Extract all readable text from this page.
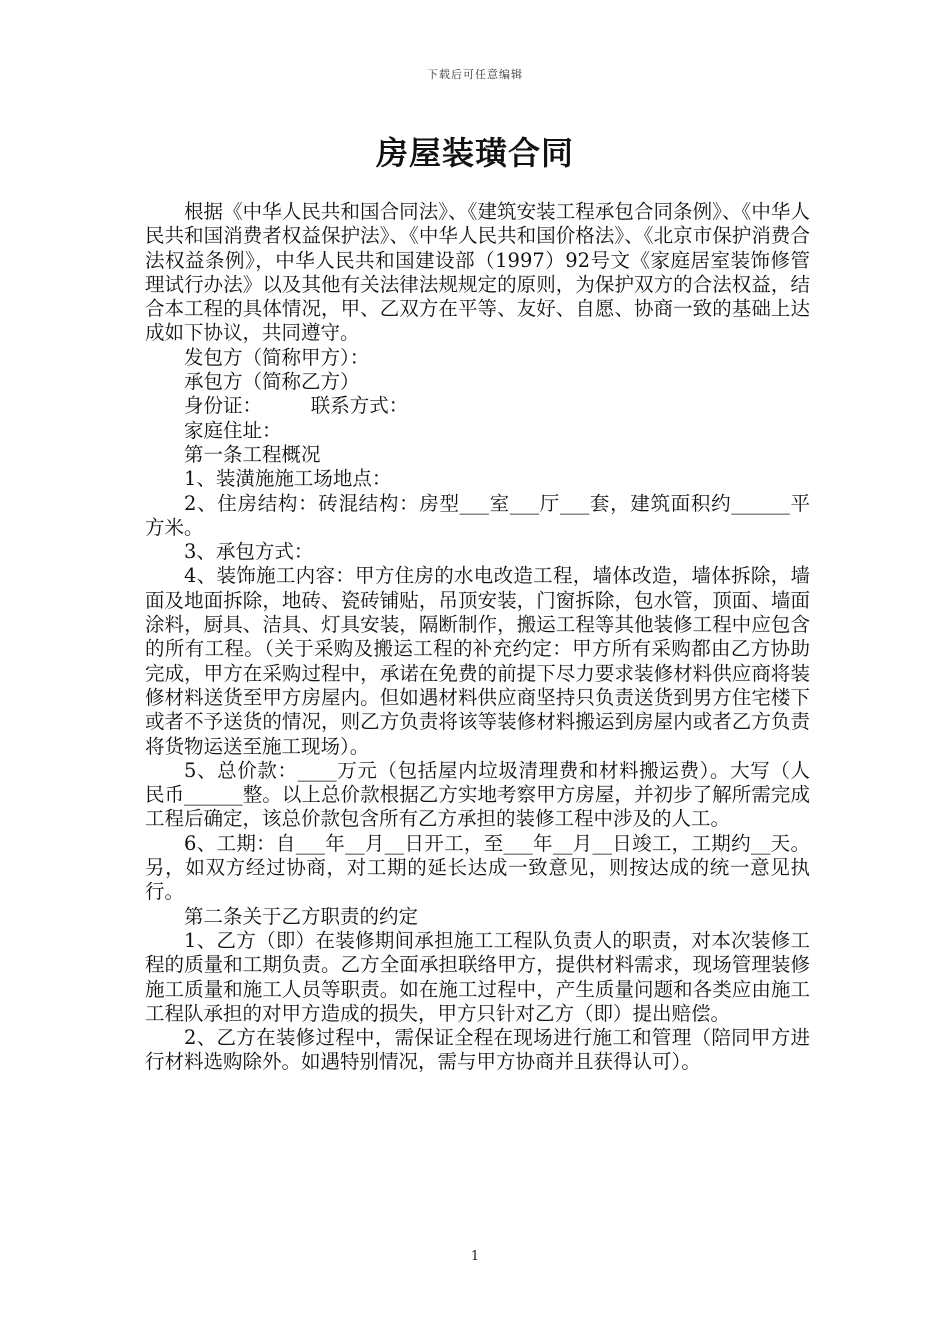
下载后可任意编辑
房屋装璜合同

根据《中华人民共和国合同法》、《建筑安装工程承包合同条例》、《中华人民共和国消费者权益保护法》、《中华人民共和国价格法》、《北京市保护消费合法权益条例》，中华人民共和国建设部（1997）92号文《家庭居室装饰修管理试行办法》以及其他有关法律法规规定的原则，为保护双方的合法权益，结合本工程的具体情况，甲、乙双方在平等、友好、自愿、协商一致的基础上达成如下协议，共同遵守。

发包方（简称甲方）：

承包方（简称乙方）

身份证：　　　联系方式：

家庭住址：

第一条工程概况

1、装潢施施工场地点：

2、住房结构：砖混结构：房型___室___厅___套，建筑面积约______平方米。

3、承包方式：

4、装饰施工内容：甲方住房的水电改造工程，墙体改造，墙体拆除，墙面及地面拆除，地砖、瓷砖铺贴，吊顶安装，门窗拆除，包水管，顶面、墙面涂料，厨具、洁具、灯具安装，隔断制作，搬运工程等其他装修工程中应包含的所有工程。（关于采购及搬运工程的补充约定：甲方所有采购都由乙方协助完成，甲方在采购过程中，承诺在免费的前提下尽力要求装修材料供应商将装修材料送货至甲方房屋内。但如遇材料供应商坚持只负责送货到男方住宅楼下或者不予送货的情况，则乙方负责将该等装修材料搬运到房屋内或者乙方负责将货物运送至施工现场）。

5、总价款：____万元（包括屋内垃圾清理费和材料搬运费）。大写（人民币______整。以上总价款根据乙方实地考察甲方房屋，并初步了解所需完成工程后确定，该总价款包含所有乙方承担的装修工程中涉及的人工。

6、工期：自___年__月__日开工，至___年__月__日竣工，工期约__天。另，如双方经过协商，对工期的延长达成一致意见，则按达成的统一意见执行。

第二条关于乙方职责的约定

1、乙方（即）在装修期间承担施工工程队负责人的职责，对本次装修工程的质量和工期负责。乙方全面承担联络甲方，提供材料需求，现场管理装修施工质量和施工人员等职责。如在施工过程中，产生质量问题和各类应由施工工程队承担的对甲方造成的损失，甲方只针对乙方（即）提出赔偿。

2、乙方在装修过程中，需保证全程在现场进行施工和管理（陪同甲方进行材料选购除外。如遇特别情况，需与甲方协商并且获得认可）。

1
